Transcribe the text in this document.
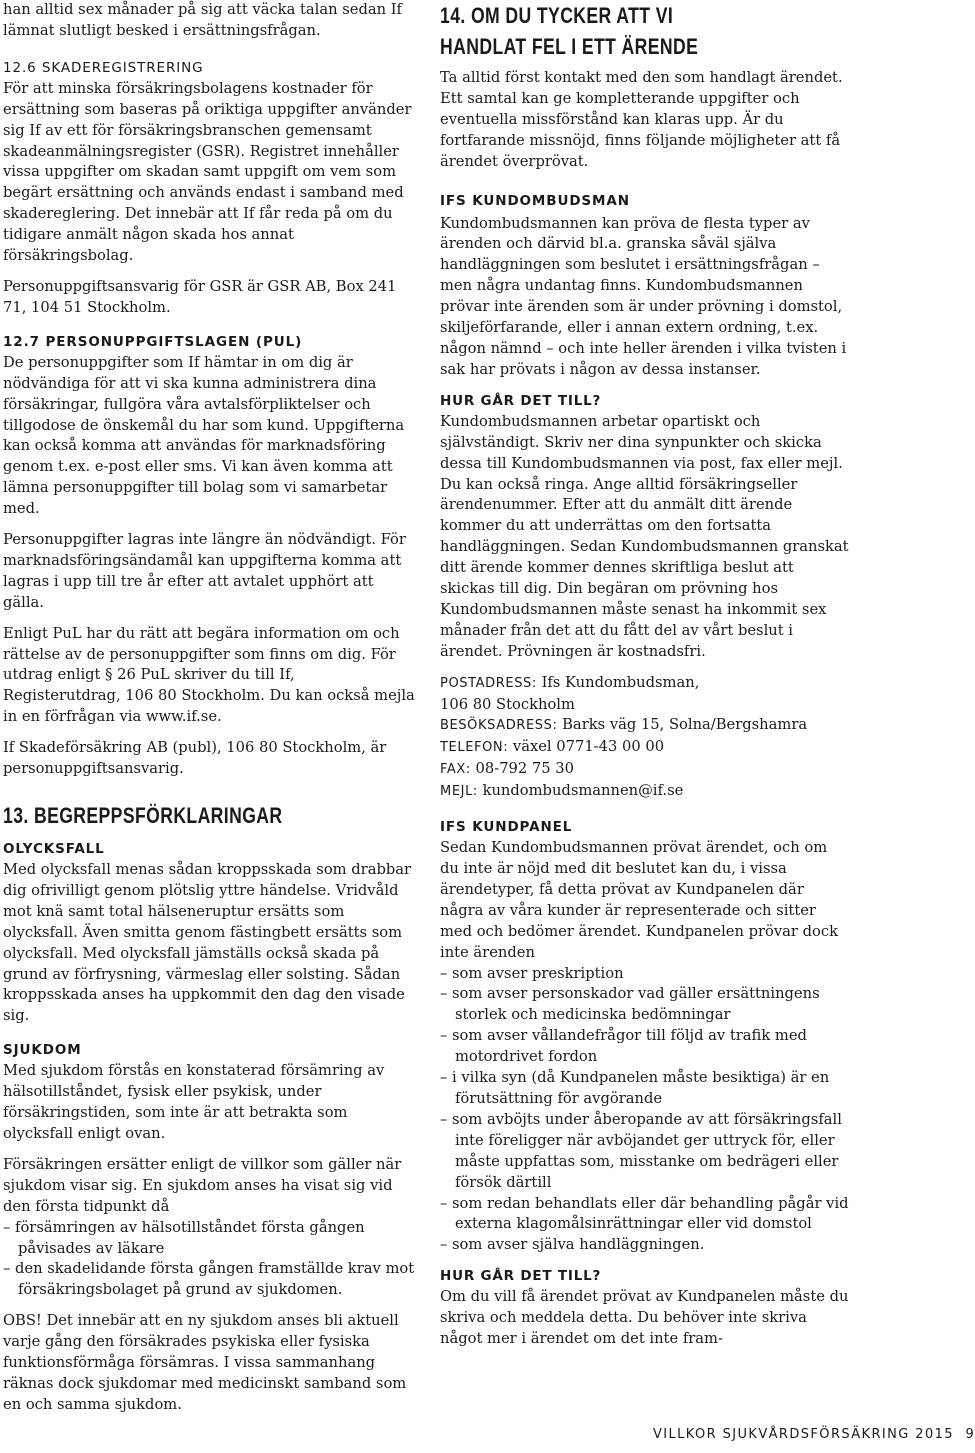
han alltid sex månader på sig att väcka talan sedan If lämnat slutligt besked i ersättningsfrågan.

12.6 SKADEREGISTRERING

För att minska försäkringsbolagens kostnader för ersättning som baseras på oriktiga uppgifter använder sig If av ett för försäkringsbranschen gemensamt skadeanmälningsregister (GSR). Registret innehåller vissa uppgifter om skadan samt uppgift om vem som begärt ersättning och används endast i samband med skadereglering. Det innebär att If får reda på om du tidigare anmält någon skada hos annat försäkringsbolag.

Personuppgiftsansvarig för GSR är GSR AB, Box 241 71, 104 51 Stockholm.

12.7 PERSONUPPGIFTSLAGEN (PUL)

De personuppgifter som If hämtar in om dig är nödvändiga för att vi ska kunna administrera dina försäkringar, fullgöra våra avtalsförpliktelser och tillgodose de önskemål du har som kund. Uppgifterna kan också komma att användas för marknadsföring genom t.ex. e-post eller sms. Vi kan även komma att lämna personuppgifter till bolag som vi samarbetar med.

Personuppgifter lagras inte längre än nödvändigt. För marknadsföringsändamål kan uppgifterna komma att lagras i upp till tre år efter att avtalet upphört att gälla.

Enligt PuL har du rätt att begära information om och rättelse av de personuppgifter som finns om dig. För utdrag enligt § 26 PuL skriver du till If, Registerutdrag, 106 80 Stockholm. Du kan också mejla in en förfrågan via www.if.se.

If Skadeförsäkring AB (publ), 106 80 Stockholm, är personuppgiftsansvarig.

13. BEGREPPSFÖRKLARINGAR
OLYCKSFALL

Med olycksfall menas sådan kroppsskada som drabbar dig ofrivilligt genom plötslig yttre händelse. Vridvåld mot knä samt total hälseneruptur ersätts som olycksfall. Även smitta genom fästingbett ersätts som olycksfall. Med olycksfall jämställs också skada på grund av förfrysning, värmeslag eller solsting. Sådan kroppsskada anses ha uppkommit den dag den visade sig.

SJUKDOM

Med sjukdom förstås en konstaterad försämring av hälsotillståndet, fysisk eller psykisk, under försäkringstiden, som inte är att betrakta som olycksfall enligt ovan.

Försäkringen ersätter enligt de villkor som gäller när sjukdom visar sig. En sjukdom anses ha visat sig vid den första tidpunkt då

– försämringen av hälsotillståndet första gången påvisades av läkare

– den skadelidande första gången framställde krav mot försäkringsbolaget på grund av sjukdomen.

OBS! Det innebär att en ny sjukdom anses bli aktuell varje gång den försäkrades psykiska eller fysiska funktionsförmåga försämras. I vissa sammanhang räknas dock sjukdomar med medicinskt samband som en och samma sjukdom.

14. OM DU TYCKER ATT VI
HANDLAT FEL I ETT ÄRENDE

Ta alltid först kontakt med den som handlagt ärendet. Ett samtal kan ge kompletterande uppgifter och eventuella missförstånd kan klaras upp. Är du fortfarande missnöjd, finns följande möjligheter att få ärendet överprövat.

IFS KUNDOMBUDSMAN

Kundombudsmannen kan pröva de flesta typer av ärenden och därvid bl.a. granska såväl själva handläggningen som beslutet i ersättningsfrågan – men några undantag finns. Kundombudsmannen prövar inte ärenden som är under prövning i domstol, skiljeförfarande, eller i annan extern ordning, t.ex. någon nämnd – och inte heller ärenden i vilka tvisten i sak har prövats i någon av dessa instanser.

HUR GÅR DET TILL?

Kundombudsmannen arbetar opartiskt och självständigt. Skriv ner dina synpunkter och skicka dessa till Kundombudsmannen via post, fax eller mejl. Du kan också ringa. Ange alltid försäkringseller ärendenummer. Efter att du anmält ditt ärende kommer du att underrättas om den fortsatta handläggningen. Sedan Kundombudsmannen granskat ditt ärende kommer dennes skriftliga beslut att skickas till dig. Din begäran om prövning hos Kundombudsmannen måste senast ha inkommit sex månader från det att du fått del av vårt beslut i ärendet. Prövningen är kostnadsfri.

POSTADRESS: Ifs Kundombudsman,

106 80 Stockholm

BESÖKSADRESS: Barks väg 15, Solna/Bergshamra

TELEFON: växel 0771-43 00 00

FAX: 08-792 75 30

MEJL: kundombudsmannen@if.se

IFS KUNDPANEL

Sedan Kundombudsmannen prövat ärendet, och om du inte är nöjd med dit beslutet kan du, i vissa ärendetyper, få detta prövat av Kundpanelen där några av våra kunder är representerade och sitter med och bedömer ärendet. Kundpanelen prövar dock inte ärenden

– som avser preskription

– som avser personskador vad gäller ersättningens storlek och medicinska bedömningar

– som avser vållandefrågor till följd av trafik med motordrivet fordon

– i vilka syn (då Kundpanelen måste besiktiga) är en förutsättning för avgörande

– som avböjts under åberopande av att försäkringsfall inte föreligger när avböjandet ger uttryck för, eller måste uppfattas som, misstanke om bedrägeri eller försök därtill

– som redan behandlats eller där behandling pågår vid externa klagomålsinrättningar eller vid domstol

– som avser själva handläggningen.

HUR GÅR DET TILL?

Om du vill få ärendet prövat av Kundpanelen måste du skriva och meddela detta. Du behöver inte skriva något mer i ärendet om det inte fram-

VILLKOR SJUKVÅRDSFÖRSÄKRING 2015 9
